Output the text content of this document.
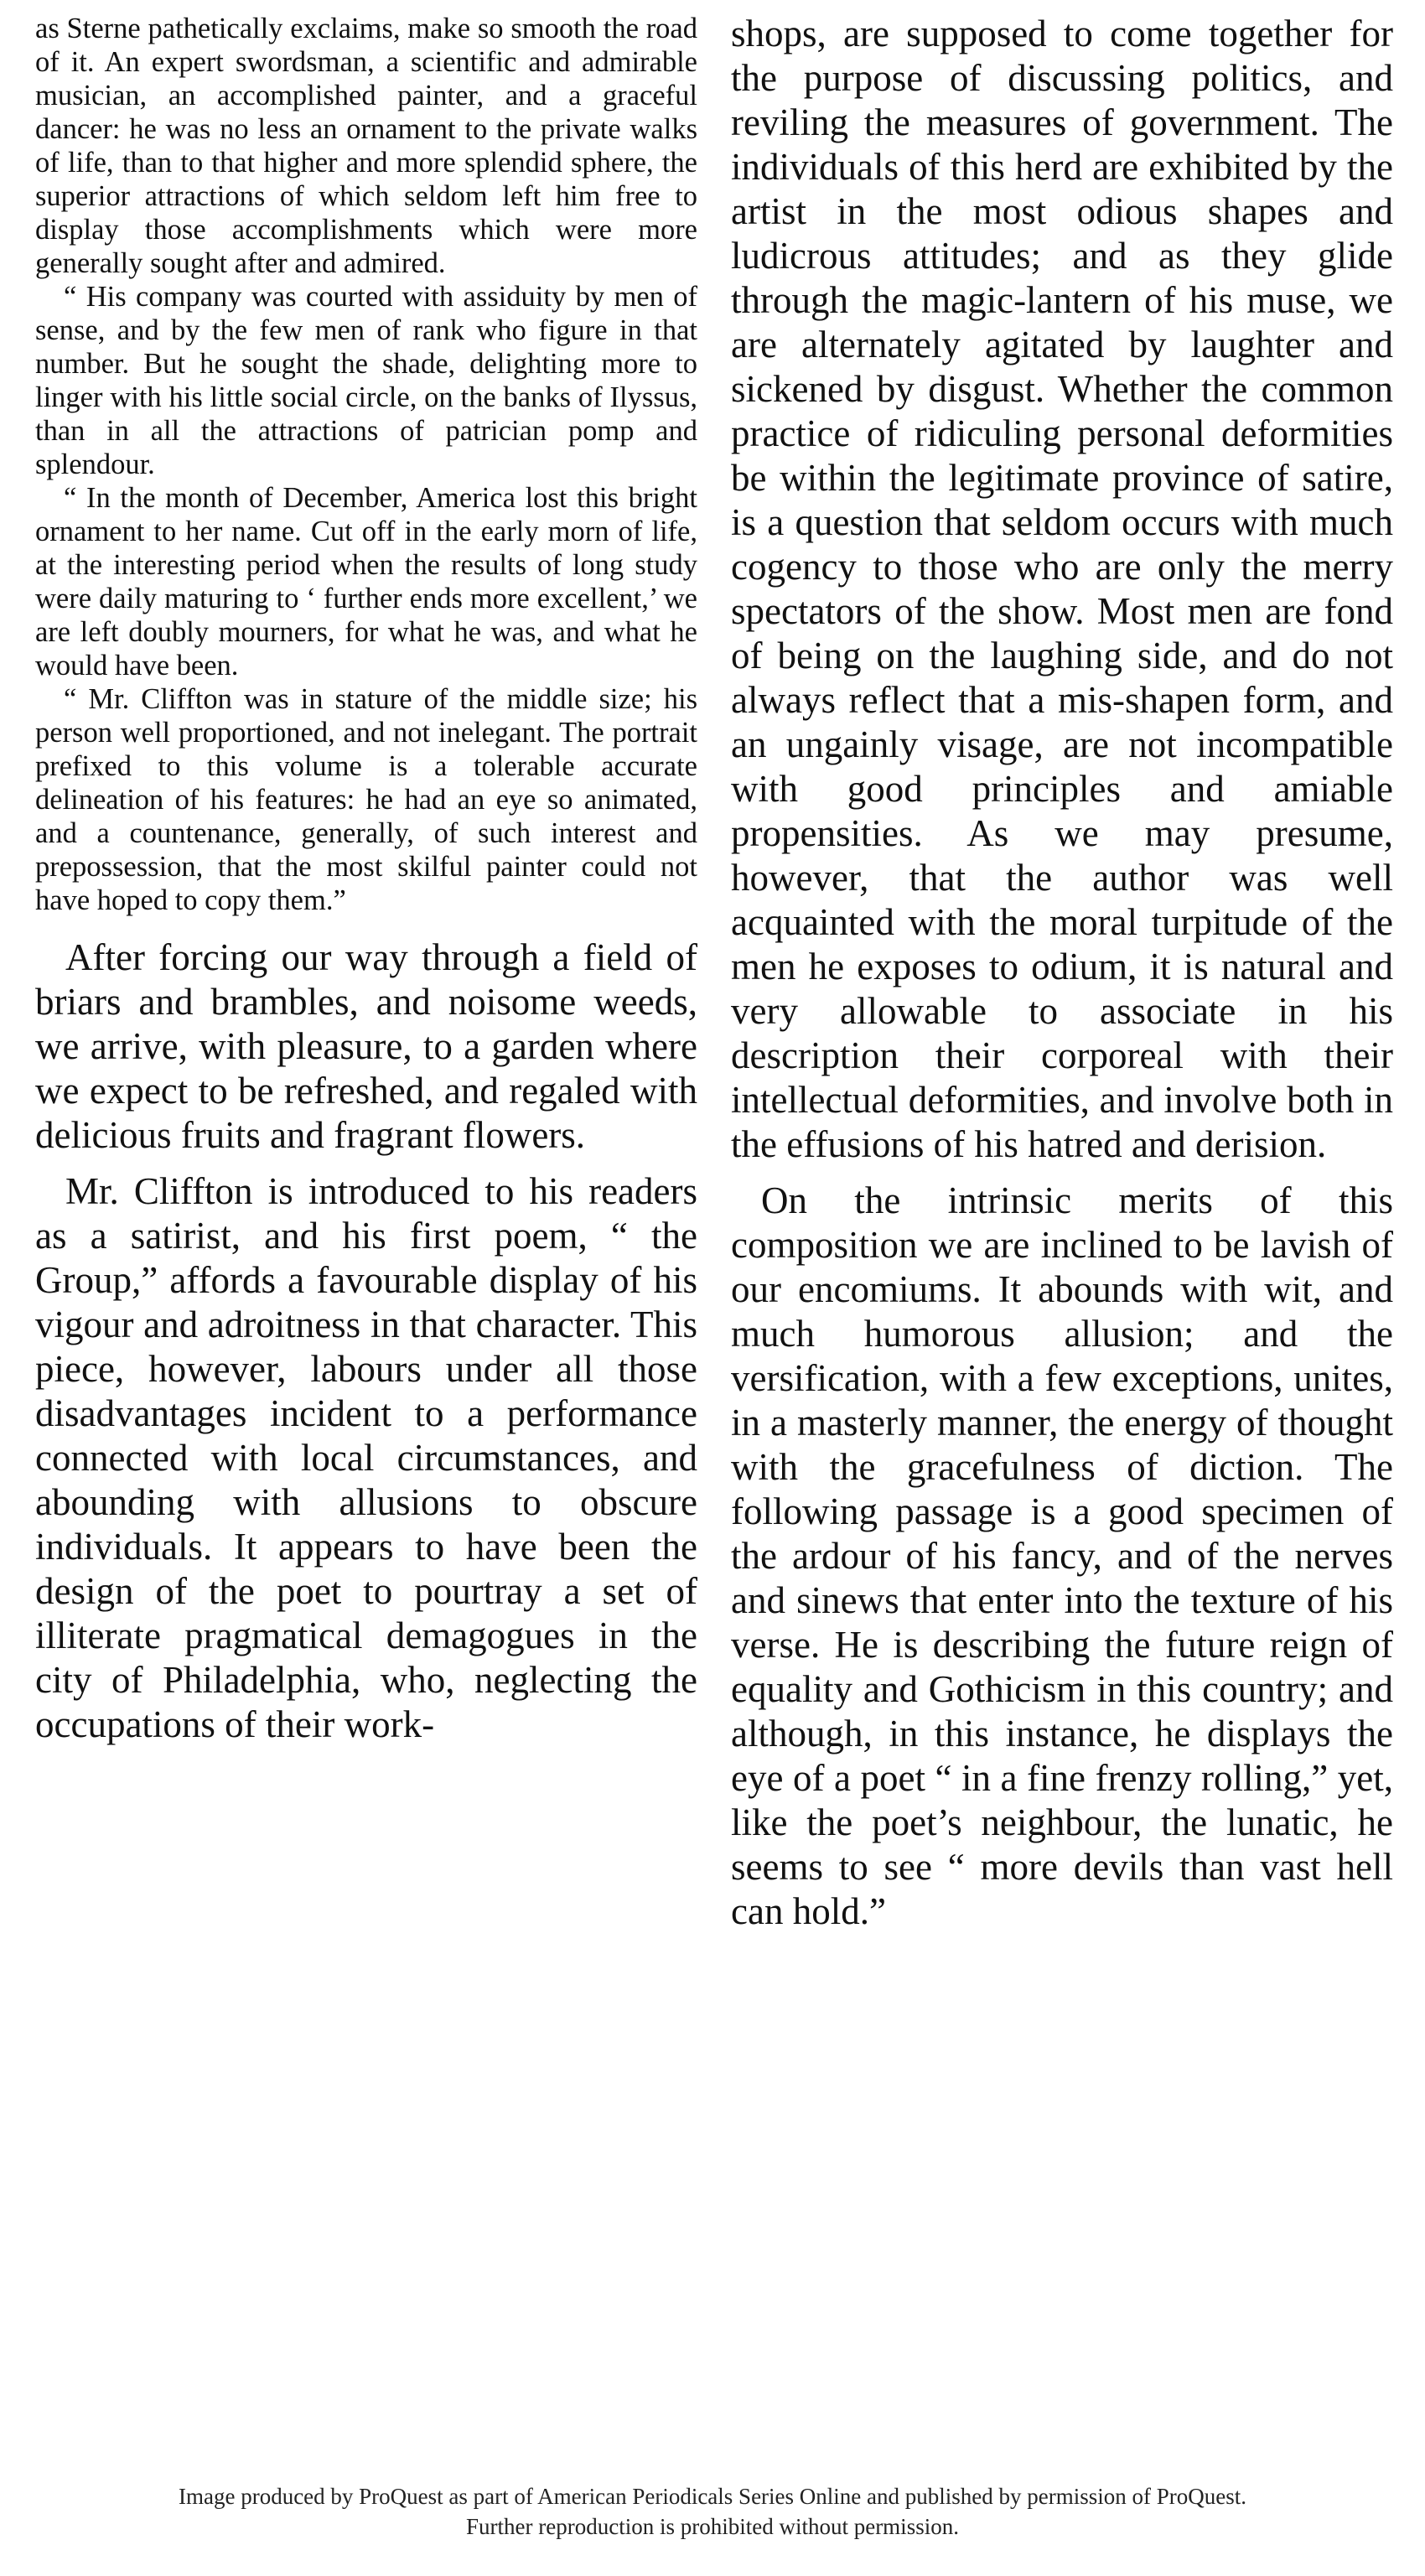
as Sterne pathetically exclaims, make so smooth the road of it. An expert swordsman, a scientific and admirable musician, an accomplished painter, and a graceful dancer: he was no less an ornament to the private walks of life, than to that higher and more splendid sphere, the superior attractions of which seldom left him free to display those accomplishments which were more generally sought after and admired.

“ His company was courted with assiduity by men of sense, and by the few men of rank who figure in that number. But he sought the shade, delighting more to linger with his little social circle, on the banks of Ilyssus, than in all the attractions of patrician pomp and splendour.

“ In the month of December, America lost this bright ornament to her name. Cut off in the early morn of life, at the interesting period when the results of long study were daily maturing to ‘ further ends more excellent,’ we are left doubly mourners, for what he was, and what he would have been.

“ Mr. Cliffton was in stature of the middle size; his person well proportioned, and not inelegant. The portrait prefixed to this volume is a tolerable accurate delineation of his features: he had an eye so animated, and a countenance, generally, of such interest and prepossession, that the most skilful painter could not have hoped to copy them.”

After forcing our way through a field of briars and brambles, and noisome weeds, we arrive, with pleasure, to a garden where we expect to be refreshed, and regaled with delicious fruits and fragrant flowers.

Mr. Cliffton is introduced to his readers as a satirist, and his first poem, “ the Group,” affords a favourable display of his vigour and adroitness in that character. This piece, however, labours under all those disadvantages incident to a performance connected with local circumstances, and abounding with allusions to obscure individuals. It appears to have been the design of the poet to pourtray a set of illiterate pragmatical demagogues in the city of Philadelphia, who, neglecting the occupations of their work-

shops, are supposed to come together for the purpose of discussing politics, and reviling the measures of government. The individuals of this herd are exhibited by the artist in the most odious shapes and ludicrous attitudes; and as they glide through the magic-lantern of his muse, we are alternately agitated by laughter and sickened by disgust. Whether the common practice of ridiculing personal deformities be within the legitimate province of satire, is a question that seldom occurs with much cogency to those who are only the merry spectators of the show. Most men are fond of being on the laughing side, and do not always reflect that a mis-shapen form, and an ungainly visage, are not incompatible with good principles and amiable propensities. As we may presume, however, that the author was well acquainted with the moral turpitude of the men he exposes to odium, it is natural and very allowable to associate in his description their corporeal with their intellectual deformities, and involve both in the effusions of his hatred and derision.

On the intrinsic merits of this composition we are inclined to be lavish of our encomiums. It abounds with wit, and much humorous allusion; and the versification, with a few exceptions, unites, in a masterly manner, the energy of thought with the gracefulness of diction. The following passage is a good specimen of the ardour of his fancy, and of the nerves and sinews that enter into the texture of his verse. He is describing the future reign of equality and Gothicism in this country; and although, in this instance, he displays the eye of a poet “ in a fine frenzy rolling,” yet, like the poet’s neighbour, the lunatic, he seems to see “ more devils than vast hell can hold.”

Image produced by ProQuest as part of American Periodicals Series Online and published by permission of ProQuest.
Further reproduction is prohibited without permission.
